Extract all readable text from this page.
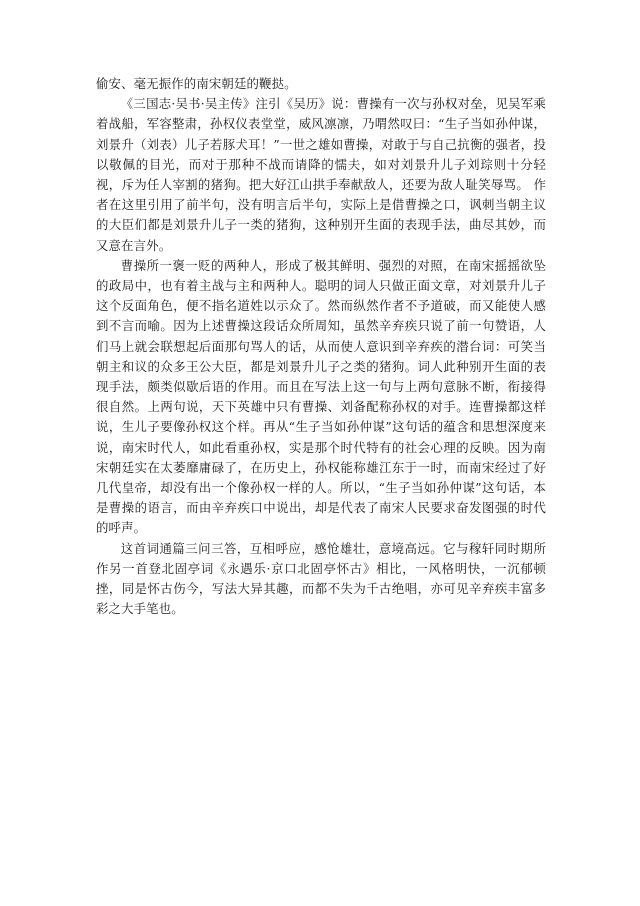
偷安、毫无振作的南宋朝廷的鞭挞。

《三国志·吴书·吴主传》注引《吴历》说：曹操有一次与孙权对垒，见吴军乘着战船，军容整肃，孙权仪表堂堂，威风凛凛，乃喟然叹曰：“生子当如孙仲谋，刘景升（刘表）儿子若豚犬耳！”一世之雄如曹操，对敢于与自己抗衡的强者，投以敬佩的目光，而对于那种不战而请降的懦夫，如对刘景升儿子刘琮则十分轻视，斥为任人宰割的猪狗。把大好江山拱手奉献敌人，还要为敌人耻笑辱骂。 作者在这里引用了前半句，没有明言后半句，实际上是借曹操之口，讽刺当朝主议的大臣们都是刘景升儿子一类的猪狗，这种别开生面的表现手法，曲尽其妙，而又意在言外。

曹操所一褒一贬的两种人，形成了极其鲜明、强烈的对照，在南宋摇摇欲坠的政局中，也有着主战与主和两种人。聪明的词人只做正面文章，对刘景升儿子这个反面角色，便不指名道姓以示众了。然而纵然作者不予道破，而又能使人感到不言而喻。因为上述曹操这段话众所周知，虽然辛弃疾只说了前一句赞语，人们马上就会联想起后面那句骂人的话，从而使人意识到辛弃疾的潜台词：可笑当朝主和议的众多王公大臣，都是刘景升儿子之类的猪狗。词人此种别开生面的表现手法，颇类似歇后语的作用。而且在写法上这一句与上两句意脉不断，衔接得很自然。上两句说，天下英雄中只有曹操、刘备配称孙权的对手。连曹操都这样说，生儿子要像孙权这个样。再从“生子当如孙仲谋”这句话的蕴含和思想深度来说，南宋时代人，如此看重孙权，实是那个时代特有的社会心理的反映。因为南宋朝廷实在太萎靡庸碌了，在历史上，孙权能称雄江东于一时，而南宋经过了好几代皇帝，却没有出一个像孙权一样的人。所以，“生子当如孙仲谋”这句话，本是曹操的语言，而由辛弃疾口中说出，却是代表了南宋人民要求奋发图强的时代的呼声。

这首词通篇三问三答，互相呼应，感怆雄壮，意境高远。它与稼轩同时期所作另一首登北固亭词《永遇乐·京口北固亭怀古》相比，一风格明快，一沉郁顿挫，同是怀古伤今，写法大异其趣，而都不失为千古绝唱，亦可见辛弃疾丰富多彩之大手笔也。
